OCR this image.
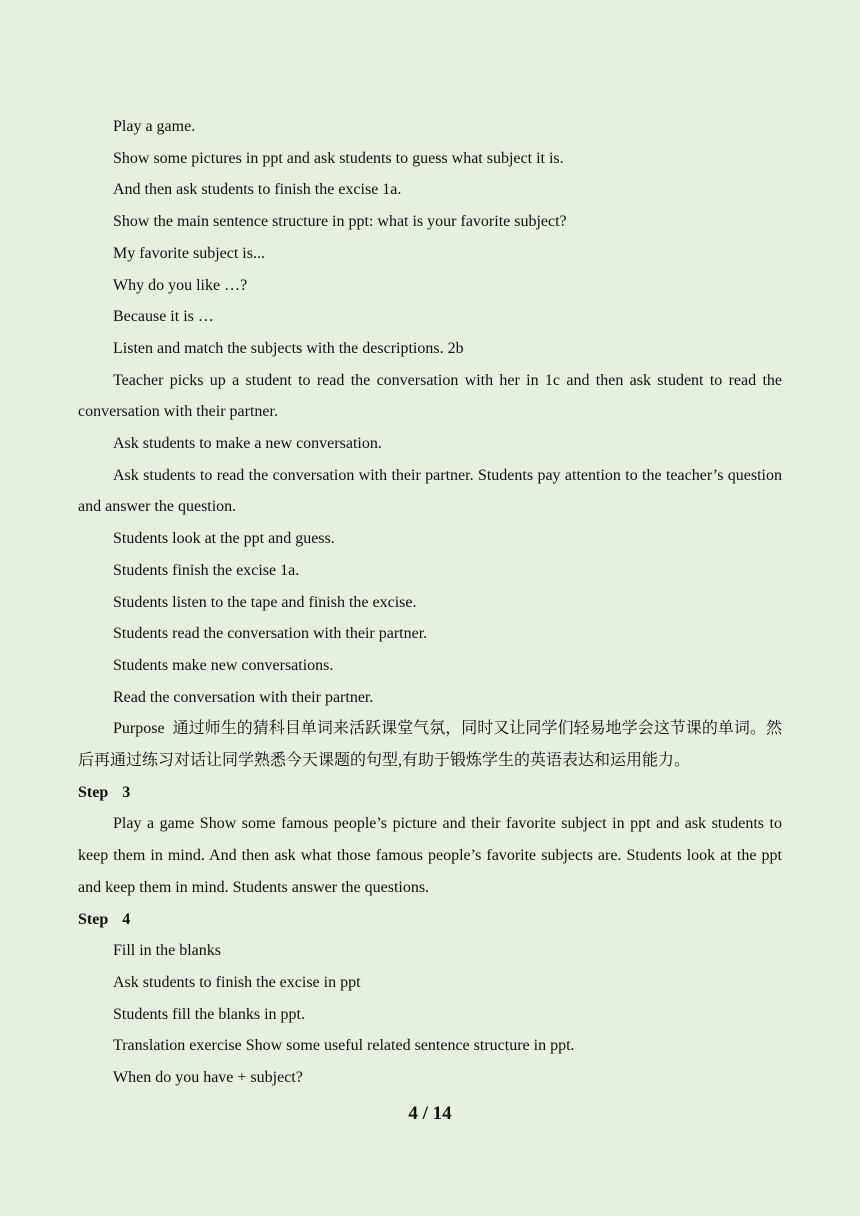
Play a game.

Show some pictures in ppt and ask students to guess what subject it is.

And then ask students to finish the excise 1a.

Show the main sentence structure in ppt: what is your favorite subject?

My favorite subject is...

Why do you like …?

Because it is …

Listen and match the subjects with the descriptions. 2b

Teacher picks up a student to read the conversation with her in 1c and then ask student to read the conversation with their partner.

Ask students to make a new conversation.

Ask students to read the conversation with their partner. Students pay attention to the teacher’s question and answer the question.

Students look at the ppt and guess.

Students finish the excise 1a.

Students listen to the tape and finish the excise.

Students read the conversation with their partner.

Students make new conversations.

Read the conversation with their partner.

Purpose 通过师生的猜科目单词来活跃课堂气氛，同时又让同学们轻易地学会这节课的单词。然后再通过练习对话让同学熟悉今天课题的句型,有助于锻炼学生的英语表达和运用能力。

Step 3

Play a game Show some famous people’s picture and their favorite subject in ppt and ask students to keep them in mind. And then ask what those famous people’s favorite subjects are. Students look at the ppt and keep them in mind. Students answer the questions.

Step 4

Fill in the blanks

Ask students to finish the excise in ppt

Students fill the blanks in ppt.

Translation exercise Show some useful related sentence structure in ppt.

When do you have + subject?

4 / 14
